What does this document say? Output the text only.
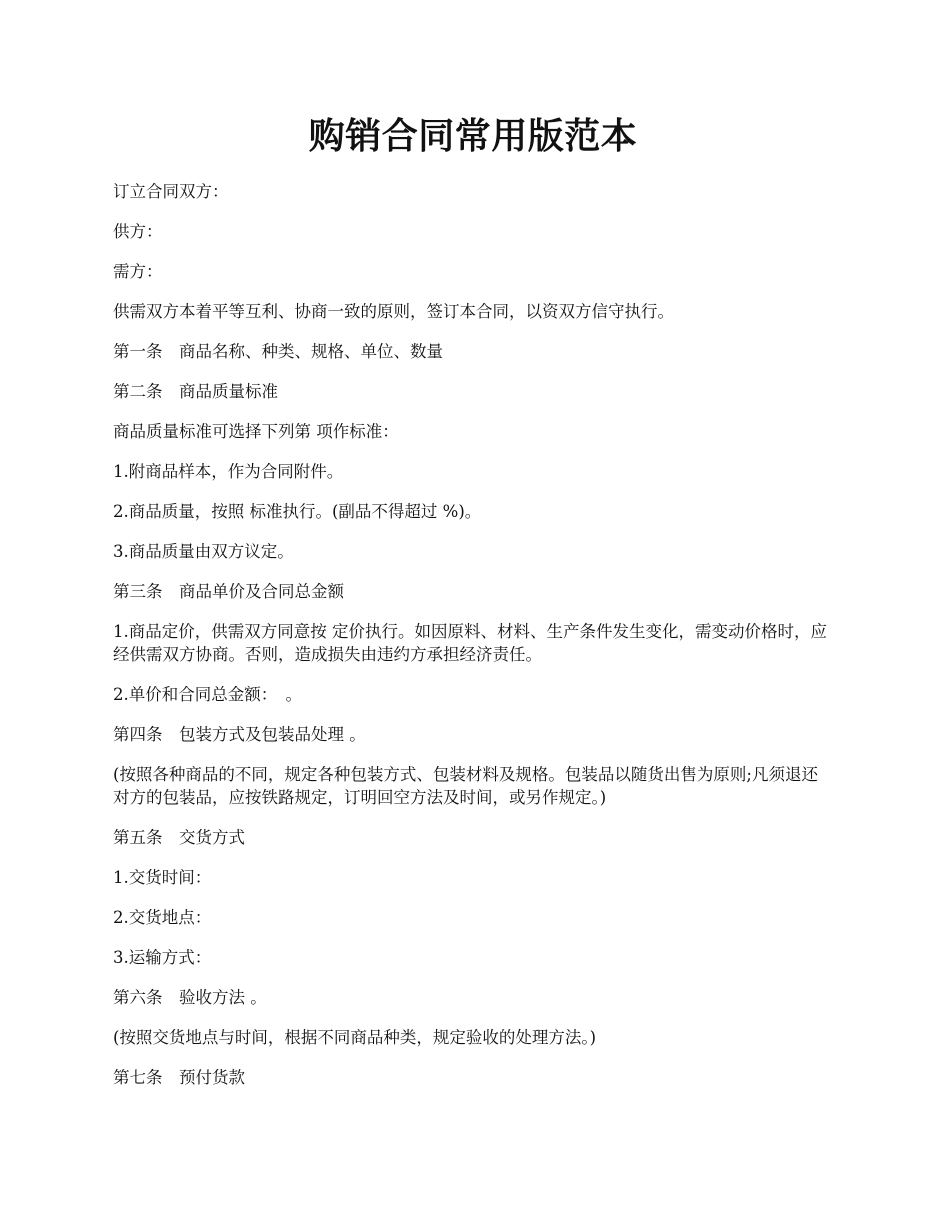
购销合同常用版范本

订立合同双方：

供方：

需方：

供需双方本着平等互利、协商一致的原则，签订本合同，以资双方信守执行。

第一条　商品名称、种类、规格、单位、数量

第二条　商品质量标准

商品质量标准可选择下列第 项作标准：

1.附商品样本，作为合同附件。

2.商品质量，按照 标准执行。(副品不得超过 %)。

3.商品质量由双方议定。

第三条　商品单价及合同总金额

1.商品定价，供需双方同意按 定价执行。如因原料、材料、生产条件发生变化，需变动价格时，应经供需双方协商。否则，造成损失由违约方承担经济责任。

2.单价和合同总金额：　。

第四条　包装方式及包装品处理 。

(按照各种商品的不同，规定各种包装方式、包装材料及规格。包装品以随货出售为原则;凡须退还对方的包装品，应按铁路规定，订明回空方法及时间，或另作规定。)

第五条　交货方式

1.交货时间：

2.交货地点：

3.运输方式：

第六条　验收方法 。

(按照交货地点与时间，根据不同商品种类，规定验收的处理方法。)

第七条　预付货款
